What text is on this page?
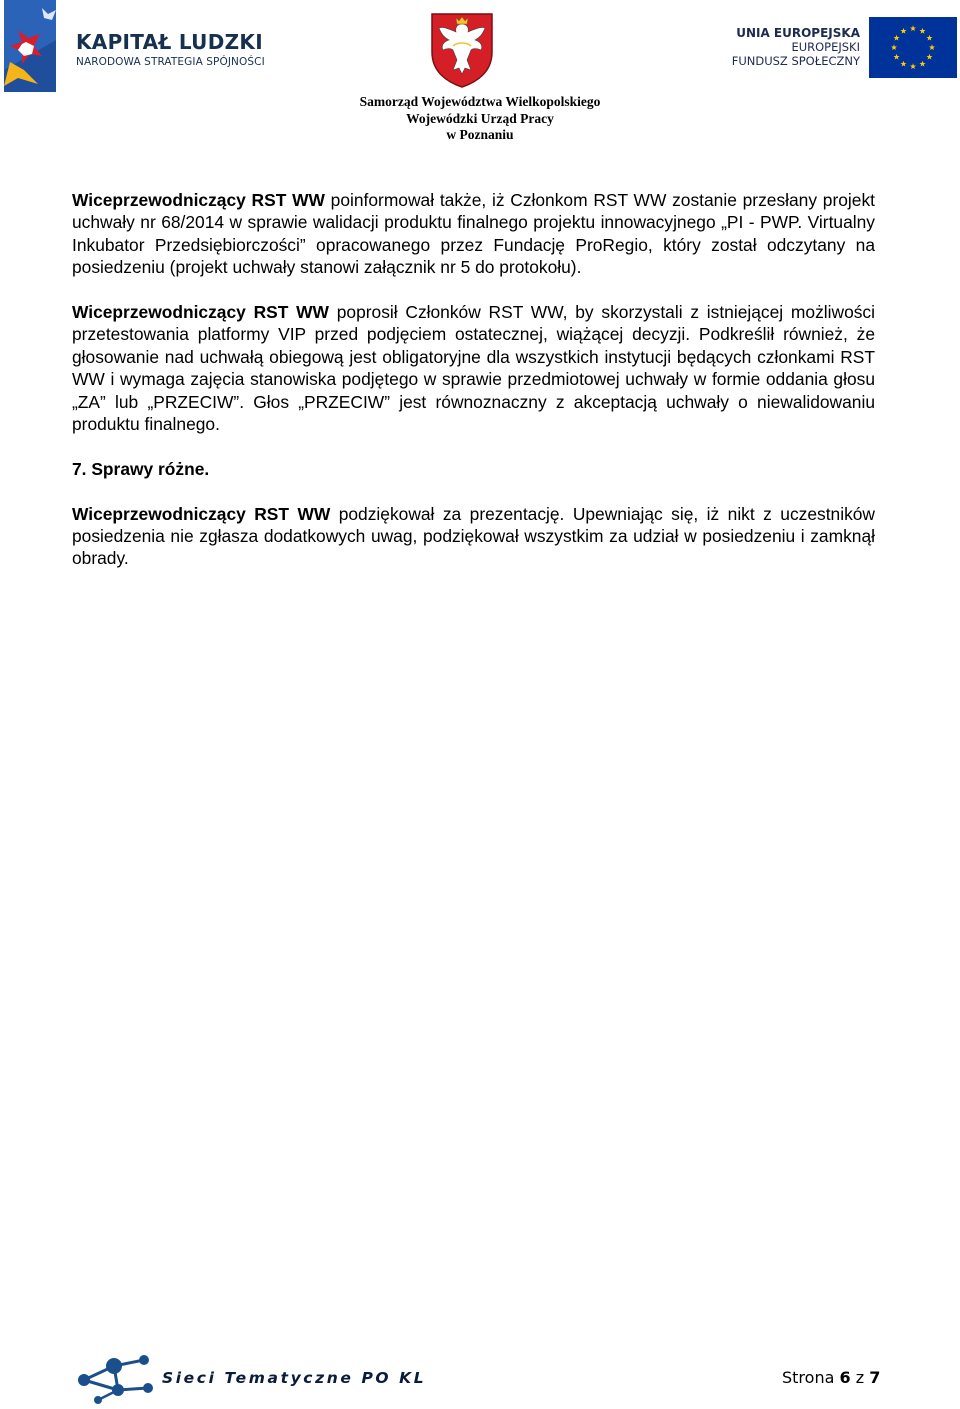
KAPITAŁ LUDZKI
NARODOWA STRATEGIA SPÓJNOŚCI
Samorząd Województwa Wielkopolskiego
Wojewódzki Urząd Pracy
w Poznaniu
UNIA EUROPEJSKA
EUROPEJSKI
FUNDUSZ SPOŁECZNY

Wiceprzewodniczący RST WW poinformował także, iż Członkom RST WW zostanie przesłany projekt uchwały nr 68/2014 w sprawie walidacji produktu finalnego projektu innowacyjnego „PI - PWP. Virtualny Inkubator Przedsiębiorczości” opracowanego przez Fundację ProRegio, który został odczytany na posiedzeniu (projekt uchwały stanowi załącznik nr 5 do protokołu).

Wiceprzewodniczący RST WW poprosił Członków RST WW, by skorzystali z istniejącej możliwości przetestowania platformy VIP przed podjęciem ostatecznej, wiążącej decyzji. Podkreślił również, że głosowanie nad uchwałą obiegową jest obligatoryjne dla wszystkich instytucji będących członkami RST WW i wymaga zajęcia stanowiska podjętego w sprawie przedmiotowej uchwały w formie oddania głosu „ZA” lub „PRZECIW”. Głos „PRZECIW” jest równoznaczny z akceptacją uchwały o niewalidowaniu produktu finalnego.

7. Sprawy różne.

Wiceprzewodniczący RST WW podziękował za prezentację. Upewniając się, iż nikt z uczestników posiedzenia nie zgłasza dodatkowych uwag, podziękował wszystkim za udział w posiedzeniu i zamknął obrady.

Sieci Tematyczne PO KL	Strona 6 z 7
